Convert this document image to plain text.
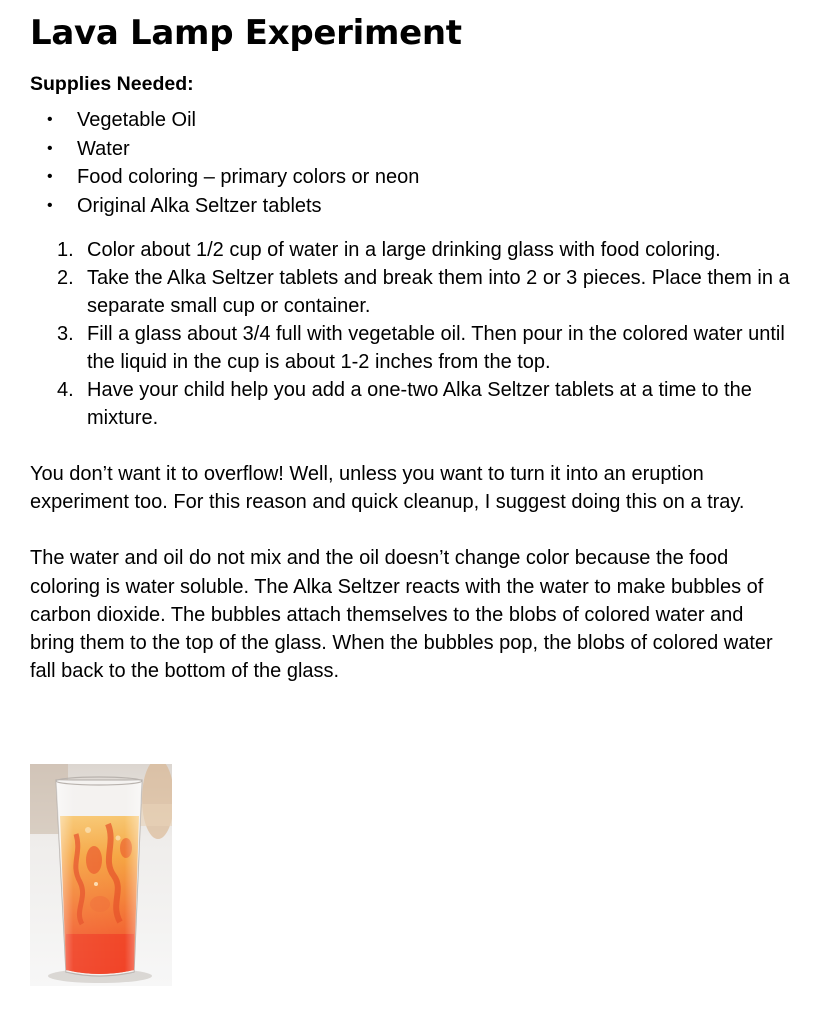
Lava Lamp Experiment
Supplies Needed:
• Vegetable Oil
• Water
• Food coloring – primary colors or neon
• Original Alka Seltzer tablets
1. Color about 1/2 cup of water in a large drinking glass with food coloring.
2. Take the Alka Seltzer tablets and break them into 2 or 3 pieces. Place them in a separate small cup or container.
3. Fill a glass about 3/4 full with vegetable oil. Then pour in the colored water until the liquid in the cup is about 1-2 inches from the top.
4. Have your child help you add a one-two Alka Seltzer tablets at a time to the mixture.

You don’t want it to overflow! Well, unless you want to turn it into an eruption experiment too. For this reason and quick cleanup, I suggest doing this on a tray.

The water and oil do not mix and the oil doesn’t change color because the food coloring is water soluble. The Alka Seltzer reacts with the water to make bubbles of carbon dioxide. The bubbles attach themselves to the blobs of colored water and bring them to the top of the glass. When the bubbles pop, the blobs of colored water fall back to the bottom of the glass.
